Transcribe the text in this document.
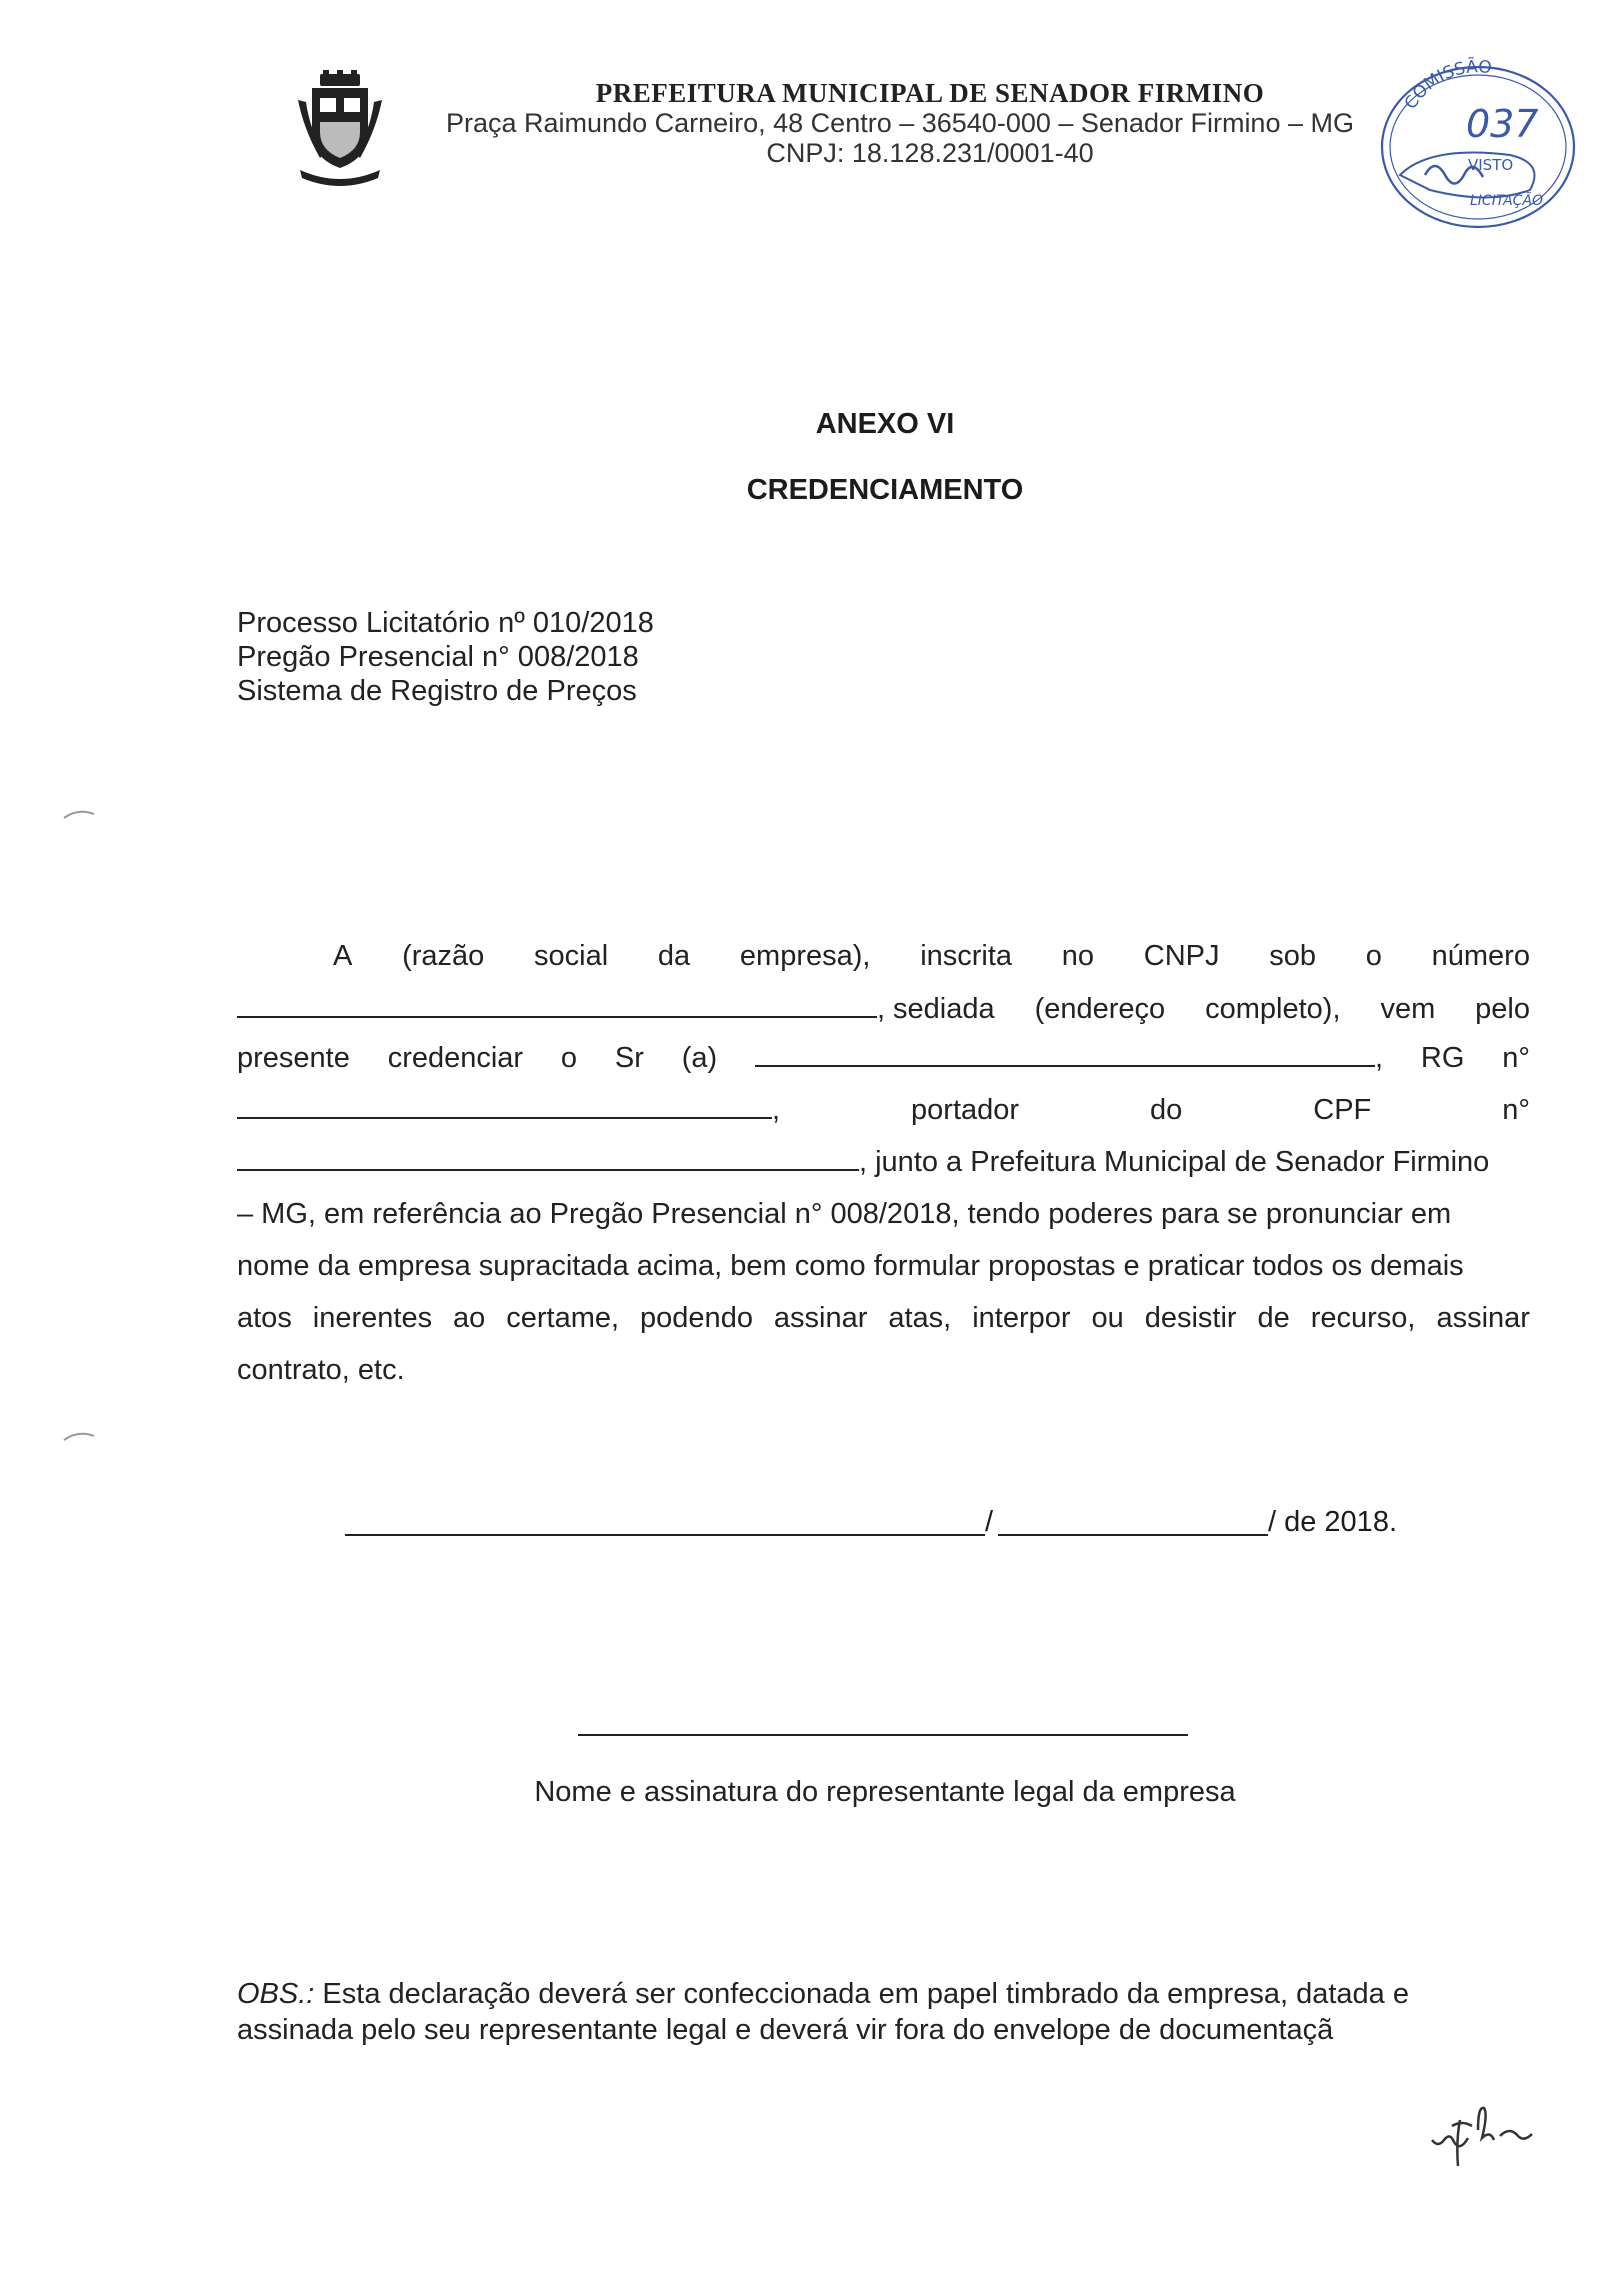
PREFEITURA MUNICIPAL DE SENADOR FIRMINO
Praça Raimundo Carneiro, 48 Centro – 36540-000 – Senador Firmino – MG
CNPJ: 18.128.231/0001-40
COMISSÃO
037
VISTO
LICITAÇÃO
ANEXO VI
CREDENCIAMENTO
Processo Licitatório nº 010/2018
Pregão Presencial n° 008/2018
Sistema de Registro de Preços
A (razão social da empresa), inscrita no CNPJ sob o número
, sediada (endereço completo), vem pelo
presente credenciar o Sr (a)	, RG n°
,	portador	do	CPF	n°
, junto a Prefeitura Municipal de Senador Firmino
– MG, em referência ao Pregão Presencial n° 008/2018, tendo poderes para se pronunciar em
nome da empresa supracitada acima, bem como formular propostas e praticar todos os demais
atos inerentes ao certame, podendo assinar atas, interpor ou desistir de recurso, assinar
contrato, etc.
/	/ de 2018.
Nome e assinatura do representante legal da empresa
OBS.: Esta declaração deverá ser confeccionada em papel timbrado da empresa, datada e
assinada pelo seu representante legal e deverá vir fora do envelope de documentaçã
